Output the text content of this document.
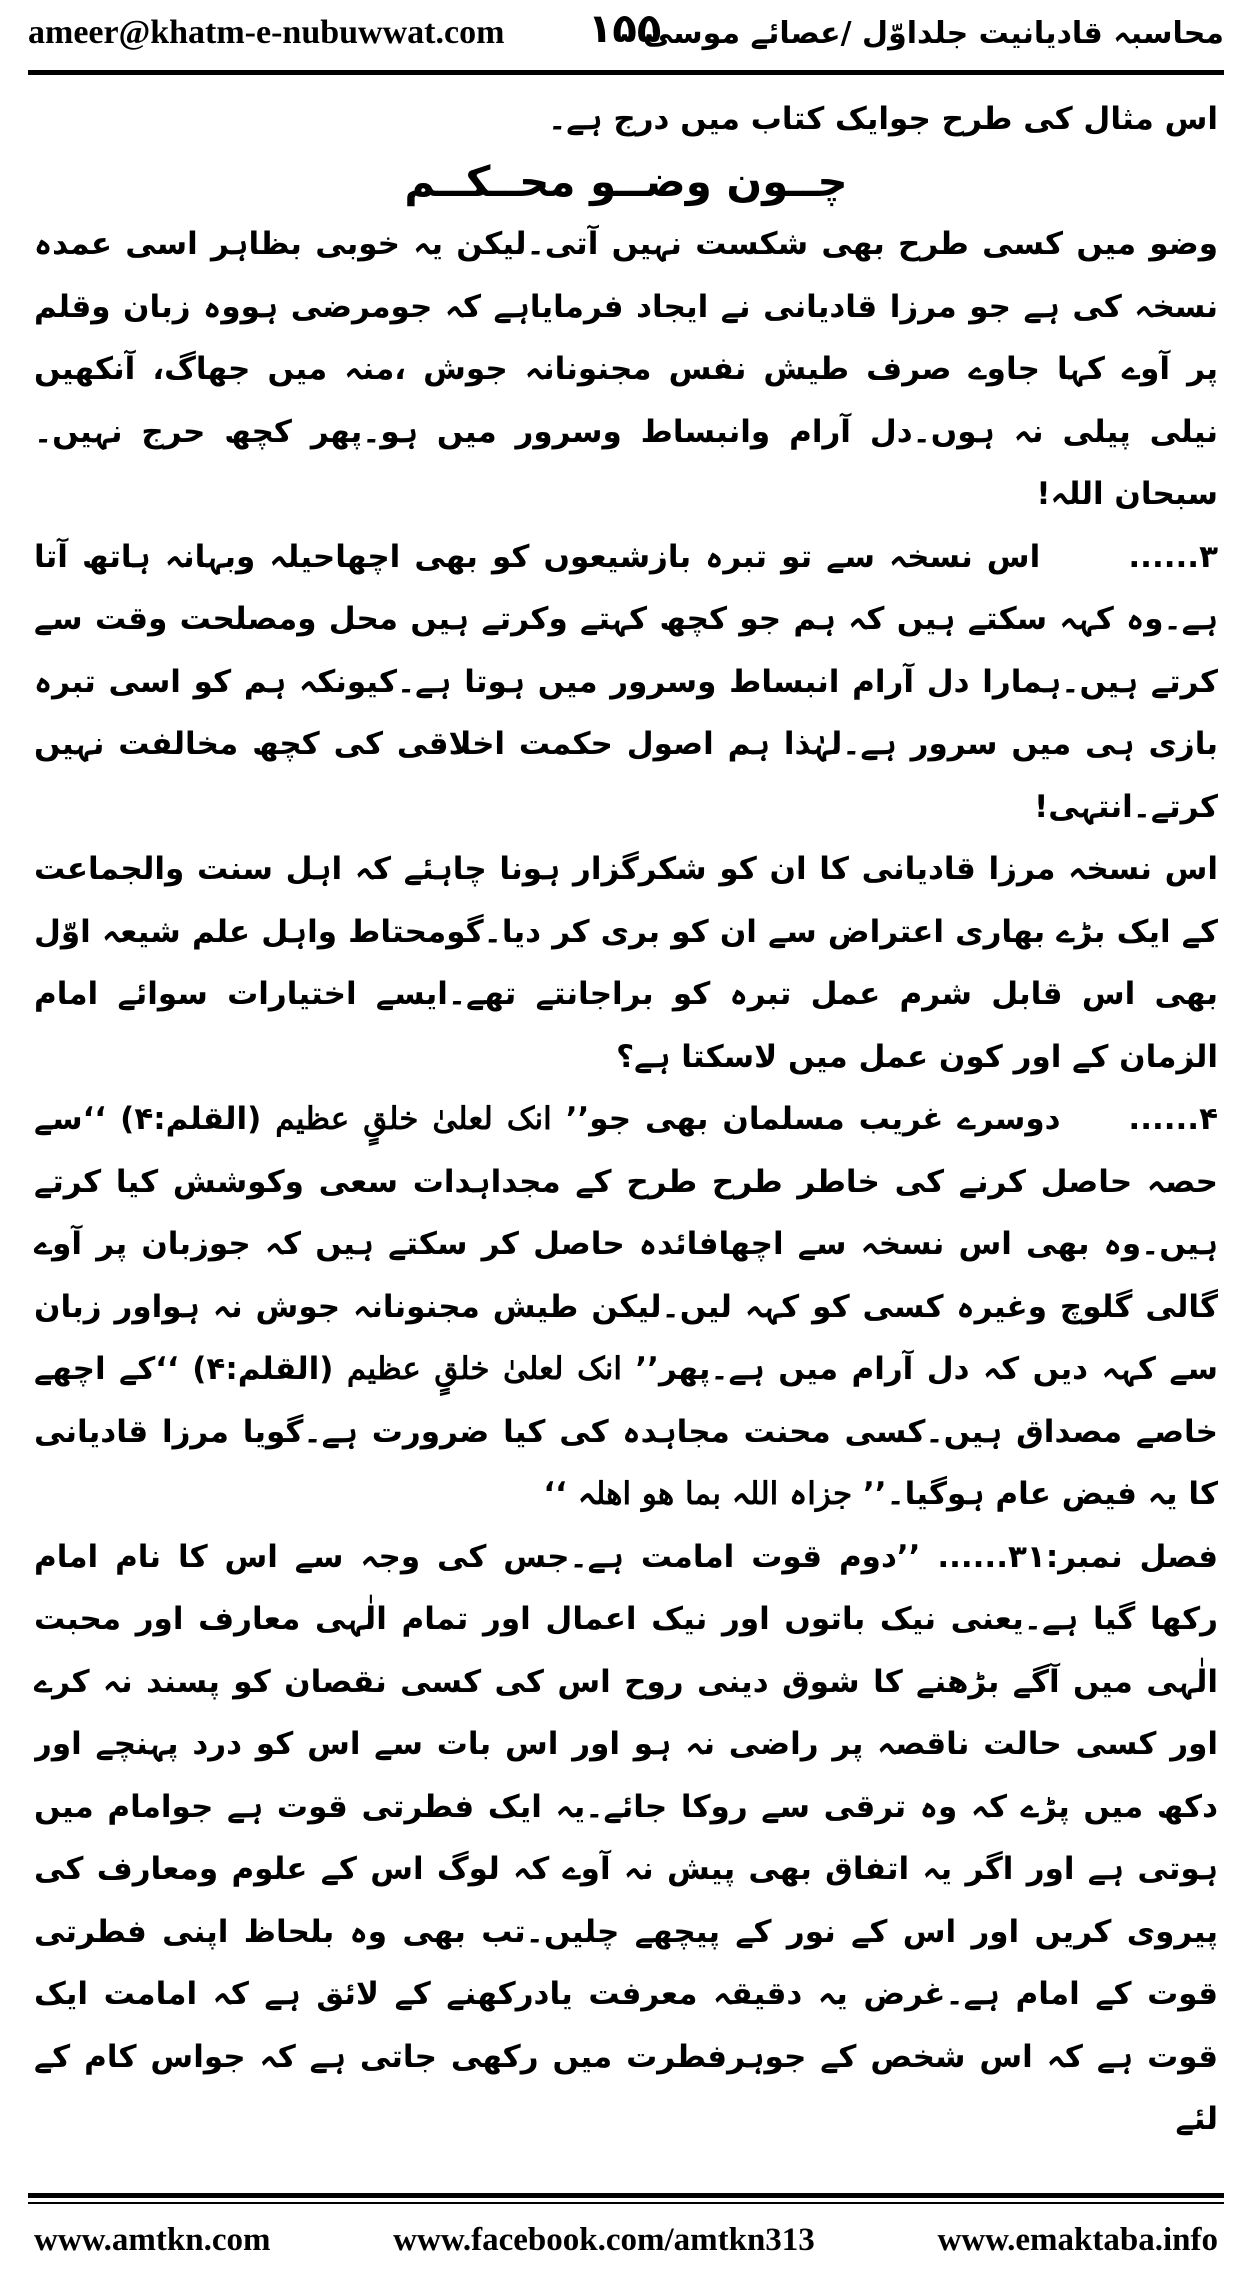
ameer@khatm-e-nubuwwat.com ۱۵۵
محاسبہ قادیانیت جلداوّل /عصائے موسیٰ

اس مثال کی طرح جوایک کتاب میں درج ہے۔

چــون وضــو محــکــم

وضو میں کسی طرح بھی شکست نہیں آتی۔لیکن یہ خوبی بظاہر اسی عمدہ نسخہ کی ہے جو مرزا قادیانی نے ایجاد فرمایاہے کہ جومرضی ہووہ زبان وقلم پر آوے کہا جاوے صرف طیش نفس مجنونانہ جوش ،منہ میں جھاگ، آنکھیں نیلی پیلی نہ ہوں۔دل آرام وانبساط وسرور میں ہو۔پھر کچھ حرج نہیں۔سبحان اللہ!

۳......  اس نسخہ سے تو تبرہ بازشیعوں کو بھی اچھاحیلہ وبہانہ ہاتھ آتا ہے۔وہ کہہ سکتے ہیں کہ ہم جو کچھ کہتے وکرتے ہیں محل ومصلحت وقت سے کرتے ہیں۔ہمارا دل آرام انبساط وسرور میں ہوتا ہے۔کیونکہ ہم کو اسی تبرہ بازی ہی میں سرور ہے۔لہٰذا ہم اصول حکمت اخلاقی کی کچھ مخالفت نہیں کرتے۔انتہی!

اس نسخہ مرزا قادیانی کا ان کو شکرگزار ہونا چاہئے کہ اہل سنت والجماعت کے ایک بڑے بھاری اعتراض سے ان کو بری کر دیا۔گومحتاط واہل علم شیعہ اوّل بھی اس قابل شرم عمل تبرہ کو براجانتے تھے۔ایسے اختیارات سوائے امام الزمان کے اور کون عمل میں لاسکتا ہے؟

۴......  دوسرے غریب مسلمان بھی جو’’ انک لعلیٰ خلقٍ عظیم (القلم:۴) ‘‘سے حصہ حاصل کرنے کی خاطر طرح طرح کے مجداہدات سعی وکوشش کیا کرتے ہیں۔وہ بھی اس نسخہ سے اچھافائدہ حاصل کر سکتے ہیں کہ جوزبان پر آوے گالی گلوچ وغیرہ کسی کو کہہ لیں۔لیکن طیش مجنونانہ جوش نہ ہواور زبان سے کہہ دیں کہ دل آرام میں ہے۔پھر’’ انک لعلیٰ خلقٍ عظیم (القلم:۴) ‘‘کے اچھے خاصے مصداق ہیں۔کسی محنت مجاہدہ کی کیا ضرورت ہے۔گویا مرزا قادیانی کا یہ فیض عام ہوگیا۔’’ جزاہ اللہ بما ھو اھلہ ‘‘

فصل نمبر:۳۱...... ’’دوم قوت امامت ہے۔جس کی وجہ سے اس کا نام امام رکھا گیا ہے۔یعنی نیک باتوں اور نیک اعمال اور تمام الٰہی معارف اور محبت الٰہی میں آگے بڑھنے کا شوق دینی روح اس کی کسی نقصان کو پسند نہ کرے اور کسی حالت ناقصہ پر راضی نہ ہو اور اس بات سے اس کو درد پہنچے اور دکھ میں پڑے کہ وہ ترقی سے روکا جائے۔یہ ایک فطرتی قوت ہے جوامام میں ہوتی ہے اور اگر یہ اتفاق بھی پیش نہ آوے کہ لوگ اس کے علوم ومعارف کی پیروی کریں اور اس کے نور کے پیچھے چلیں۔تب بھی وہ بلحاظ اپنی فطرتی قوت کے امام ہے۔غرض یہ دقیقہ معرفت یادرکھنے کے لائق ہے کہ امامت ایک قوت ہے کہ اس شخص کے جوہرفطرت میں رکھی جاتی ہے کہ جواس کام کے لئے

www.amtkn.com	www.facebook.com/amtkn313	www.emaktaba.info
